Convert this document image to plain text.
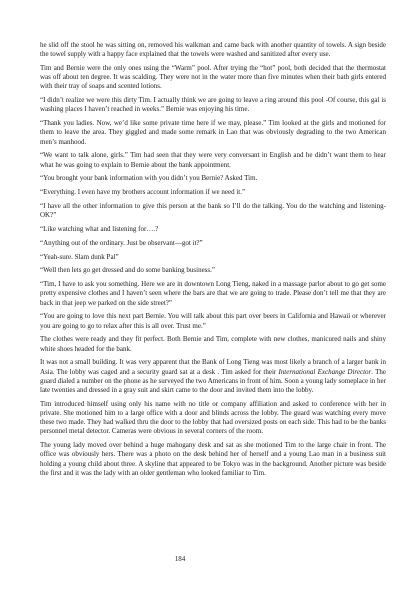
he slid off the stool he was sitting on, removed his walkman and came back with another quantity of towels. A sign beside the towel supply with a happy face explained that the towels were washed and sanitized after every use.

Tim and Bernie were the only ones using the “Warm” pool. After trying the “hot” pool, both decided that the thermostat was off about ten degree. It was scalding. They were not in the water more than five minutes when their bath girls entered with their tray of soaps and scented lotions.

“I didn’t realize we were this dirty Tim. I actually think we are going to leave a ring around this pool -Of course, this gal is washing places I haven’t reached in weeks.” Bernie was enjoying his time.

“Thank you ladies. Now, we’d like some private time here if we may, please.” Tim looked at the girls and motioned for them to leave the area. They giggled and made some remark in Lao that was obviously degrading to the two American men’s manhood.

“We want to talk alone, girls.” Tim had seen that they were very conversant in English and he didn’t want them to hear what he was going to explain to Bernie about the bank appointment.

“You brought your bank information with you didn’t you Bernie? Asked Tim.

“Everything. I even have my brothers account information if we need it.”

“I have all the other information to give this person at the bank so I’ll do the talking. You do the watching and listening-OK?”

“Like watching what and listening for….?

“Anything out of the ordinary. Just be observant—got it?”

“Yeah-sure. Slam dunk Pal”

“Well then lets go get dressed and do some banking business.”

“Tim, I have to ask you something. Here we are in downtown Long Tieng, naked in a massage parlor about to go get some pretty expensive clothes and I haven’t seen where the bars are that we are going to trade. Please don’t tell me that they are back in that jeep we parked on the side street?”

“You are going to love this next part Bernie. You will talk about this part over beers in California and Hawaii or wherever you are going to go to relax after this is all over. Trust me.”

The clothes were ready and they fit perfect. Both Bernie and Tim, complete with new clothes, manicured nails and shiny white shoes headed for the bank.

It was not a small building. It was very apparent that the Bank of Long Tieng was most likely a branch of a larger bank in Asia. The lobby was caged and a security guard sat at a desk . Tim asked for their International Exchange Director. The guard dialed a number on the phone as he surveyed the two Americans in front of him. Soon a young lady someplace in her late twenties and dressed in a gray suit and skirt came to the door and invited them into the lobby.

Tim introduced himself using only his name with no title or company affiliation and asked to conference with her in private. She motioned him to a large office with a door and blinds across the lobby. The guard was watching every move these two made. They had walked thru the door to the lobby that had oversized posts on each side. This had to be the banks personnel metal detector. Cameras were obvious in several corners of the room.

The young lady moved over behind a huge mahogany desk and sat as she motioned Tim to the large chair in front. The office was obviously hers. There was a photo on the desk behind her of herself and a young Lao man in a business suit holding a young child about three. A skyline that appeared to be Tokyo was in the background. Another picture was beside the first and it was the lady with an older gentleman who looked familiar to Tim.

184
